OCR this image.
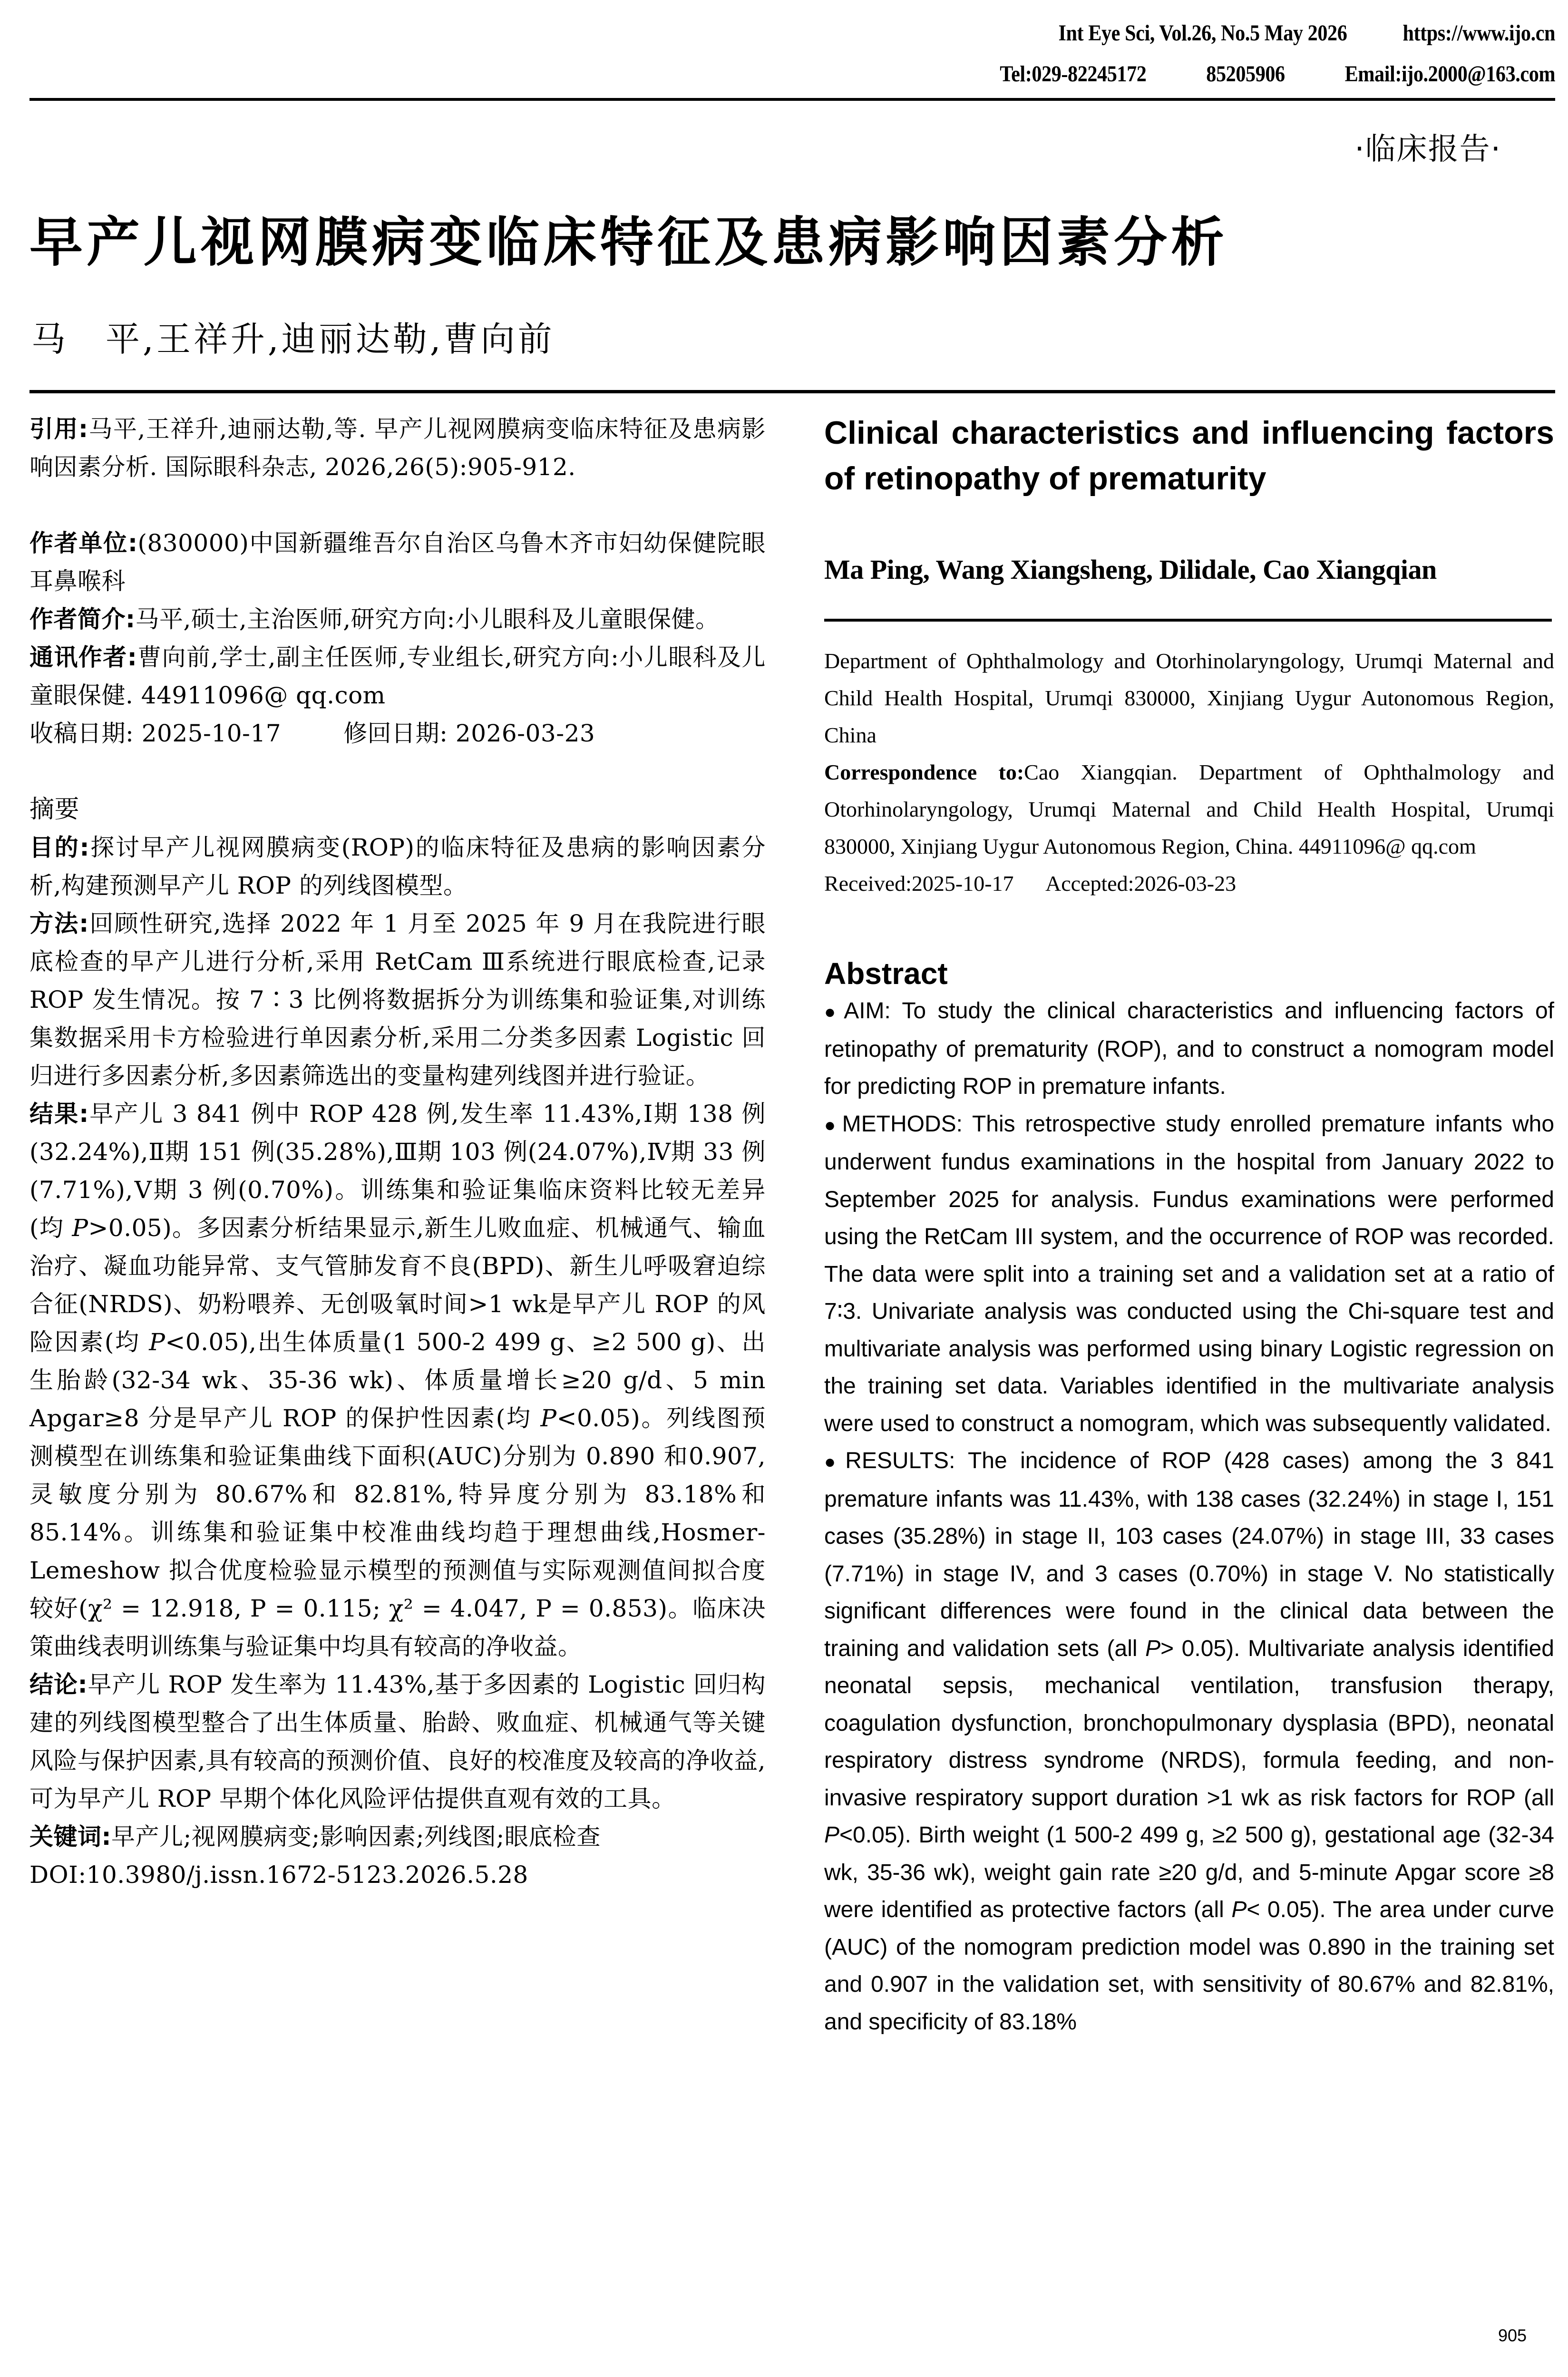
Int Eye Sci, Vol.26, No.5 May 2026 https://www.ijo.cn
Tel:029-82245172	85205906	Email:ijo.2000@163.com
·临床报告·
早产儿视网膜病变临床特征及患病影响因素分析
马　平,王祥升,迪丽达勒,曹向前

引用:马平,王祥升,迪丽达勒,等. 早产儿视网膜病变临床特征及患病影响因素分析. 国际眼科杂志, 2026,26(5):905-912.

作者单位:(830000)中国新疆维吾尔自治区乌鲁木齐市妇幼保健院眼耳鼻喉科

作者简介:马平,硕士,主治医师,研究方向:小儿眼科及儿童眼保健。

通讯作者:曹向前,学士,副主任医师,专业组长,研究方向:小儿眼科及儿童眼保健. 44911096@ qq.com

收稿日期: 2025-10-17	修回日期: 2026-03-23

摘要

目的:探讨早产儿视网膜病变(ROP)的临床特征及患病的影响因素分析,构建预测早产儿 ROP 的列线图模型。

方法:回顾性研究,选择 2022 年 1 月至 2025 年 9 月在我院进行眼底检查的早产儿进行分析,采用 RetCam Ⅲ系统进行眼底检查,记录 ROP 发生情况。按 7∶3 比例将数据拆分为训练集和验证集,对训练集数据采用卡方检验进行单因素分析,采用二分类多因素 Logistic 回归进行多因素分析,多因素筛选出的变量构建列线图并进行验证。

结果:早产儿 3 841 例中 ROP 428 例,发生率 11.43%,Ⅰ期 138 例(32.24%),Ⅱ期 151 例(35.28%),Ⅲ期 103 例(24.07%),Ⅳ期 33 例(7.71%),Ⅴ期 3 例(0.70%)。训练集和验证集临床资料比较无差异(均 P>0.05)。多因素分析结果显示,新生儿败血症、机械通气、输血治疗、凝血功能异常、支气管肺发育不良(BPD)、新生儿呼吸窘迫综合征(NRDS)、奶粉喂养、无创吸氧时间>1 wk是早产儿 ROP 的风险因素(均 P<0.05),出生体质量(1 500-2 499 g、≥2 500 g)、出生胎龄(32-34 wk、35-36 wk)、体质量增长≥20 g/d、5 min Apgar≥8 分是早产儿 ROP 的保护性因素(均 P<0.05)。列线图预测模型在训练集和验证集曲线下面积(AUC)分别为 0.890 和0.907,灵敏度分别为 80.67%和 82.81%,特异度分别为 83.18%和 85.14%。训练集和验证集中校准曲线均趋于理想曲线,Hosmer-Lemeshow 拟合优度检验显示模型的预测值与实际观测值间拟合度较好(χ² = 12.918, P = 0.115; χ² = 4.047, P = 0.853)。临床决策曲线表明训练集与验证集中均具有较高的净收益。

结论:早产儿 ROP 发生率为 11.43%,基于多因素的 Logistic 回归构建的列线图模型整合了出生体质量、胎龄、败血症、机械通气等关键风险与保护因素,具有较高的预测价值、良好的校准度及较高的净收益,可为早产儿 ROP 早期个体化风险评估提供直观有效的工具。

关键词:早产儿;视网膜病变;影响因素;列线图;眼底检查

DOI:10.3980/j.issn.1672-5123.2026.5.28

Clinical characteristics and influencing factors of retinopathy of prematurity

Ma Ping, Wang Xiangsheng, Dilidale, Cao Xiangqian

Department of Ophthalmology and Otorhinolaryngology, Urumqi Maternal and Child Health Hospital, Urumqi 830000, Xinjiang Uygur Autonomous Region, China

Correspondence to:Cao Xiangqian. Department of Ophthalmology and Otorhinolaryngology, Urumqi Maternal and Child Health Hospital, Urumqi 830000, Xinjiang Uygur Autonomous Region, China. 44911096@ qq.com

Received:2025-10-17 Accepted:2026-03-23

Abstract

● AIM: To study the clinical characteristics and influencing factors of retinopathy of prematurity (ROP), and to construct a nomogram model for predicting ROP in premature infants.

● METHODS: This retrospective study enrolled premature infants who underwent fundus examinations in the hospital from January 2022 to September 2025 for analysis. Fundus examinations were performed using the RetCam III system, and the occurrence of ROP was recorded. The data were split into a training set and a validation set at a ratio of 7∶3. Univariate analysis was conducted using the Chi-square test and multivariate analysis was performed using binary Logistic regression on the training set data. Variables identified in the multivariate analysis were used to construct a nomogram, which was subsequently validated.

● RESULTS: The incidence of ROP (428 cases) among the 3 841 premature infants was 11.43%, with 138 cases (32.24%) in stage I, 151 cases (35.28%) in stage II, 103 cases (24.07%) in stage III, 33 cases (7.71%) in stage IV, and 3 cases (0.70%) in stage V. No statistically significant differences were found in the clinical data between the training and validation sets (all P> 0.05). Multivariate analysis identified neonatal sepsis, mechanical ventilation, transfusion therapy, coagulation dysfunction, bronchopulmonary dysplasia (BPD), neonatal respiratory distress syndrome (NRDS), formula feeding, and non-invasive respiratory support duration >1 wk as risk factors for ROP (all P<0.05). Birth weight (1 500-2 499 g, ≥2 500 g), gestational age (32-34 wk, 35-36 wk), weight gain rate ≥20 g/d, and 5-minute Apgar score ≥8 were identified as protective factors (all P< 0.05). The area under curve (AUC) of the nomogram prediction model was 0.890 in the training set and 0.907 in the validation set, with sensitivity of 80.67% and 82.81%, and specificity of 83.18%

905
